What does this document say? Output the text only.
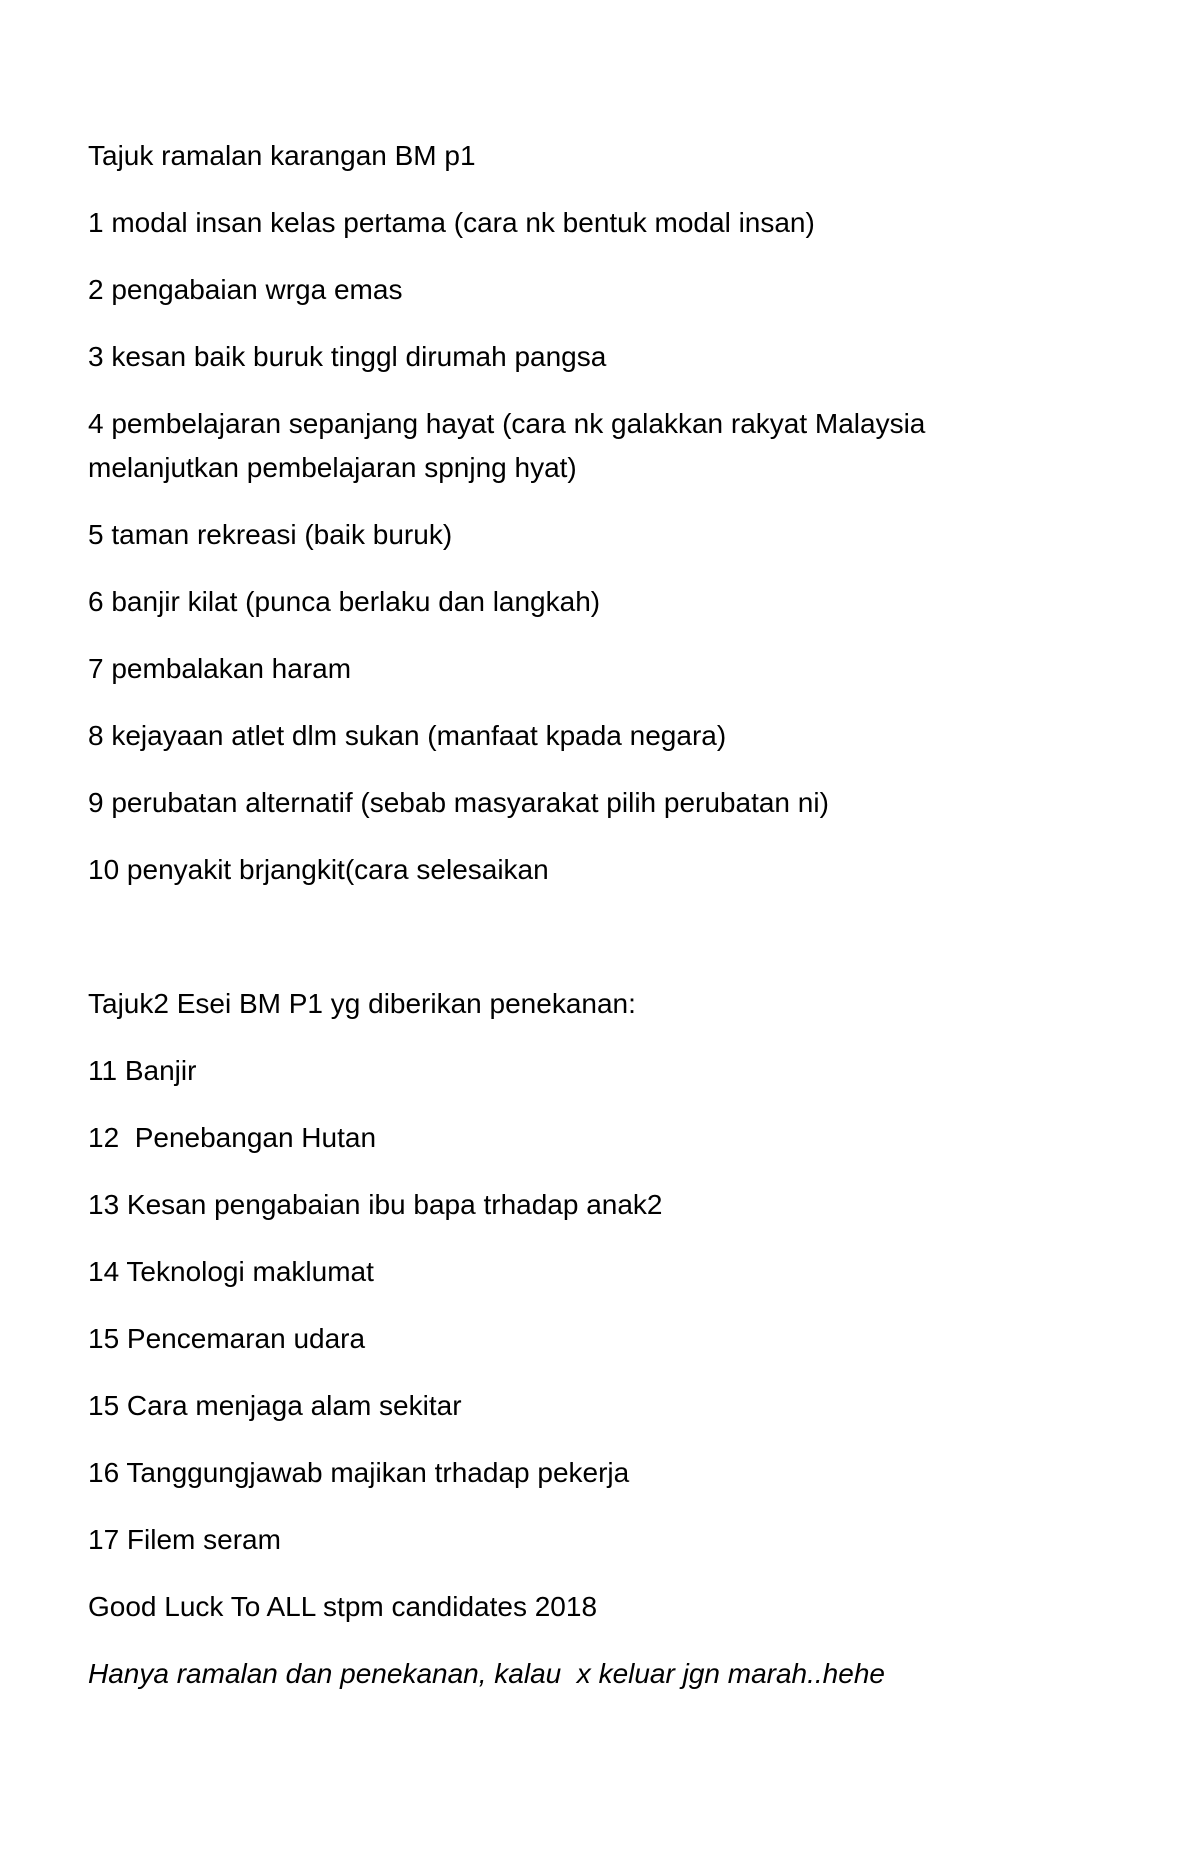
Tajuk ramalan karangan BM p1

1 modal insan kelas pertama (cara nk bentuk modal insan)

2 pengabaian wrga emas

3 kesan baik buruk tinggl dirumah pangsa

4 pembelajaran sepanjang hayat (cara nk galakkan rakyat Malaysia melanjutkan pembelajaran spnjng hyat)

5 taman rekreasi (baik buruk)

6 banjir kilat (punca berlaku dan langkah)

7 pembalakan haram

8 kejayaan atlet dlm sukan (manfaat kpada negara)

9 perubatan alternatif (sebab masyarakat pilih perubatan ni)

10 penyakit brjangkit(cara selesaikan

Tajuk2 Esei BM P1 yg diberikan penekanan:

11 Banjir

12  Penebangan Hutan

13 Kesan pengabaian ibu bapa trhadap anak2

14 Teknologi maklumat

15 Pencemaran udara

15 Cara menjaga alam sekitar

16 Tanggungjawab majikan trhadap pekerja

17 Filem seram

Good Luck To ALL stpm candidates 2018

Hanya ramalan dan penekanan, kalau  x keluar jgn marah..hehe
